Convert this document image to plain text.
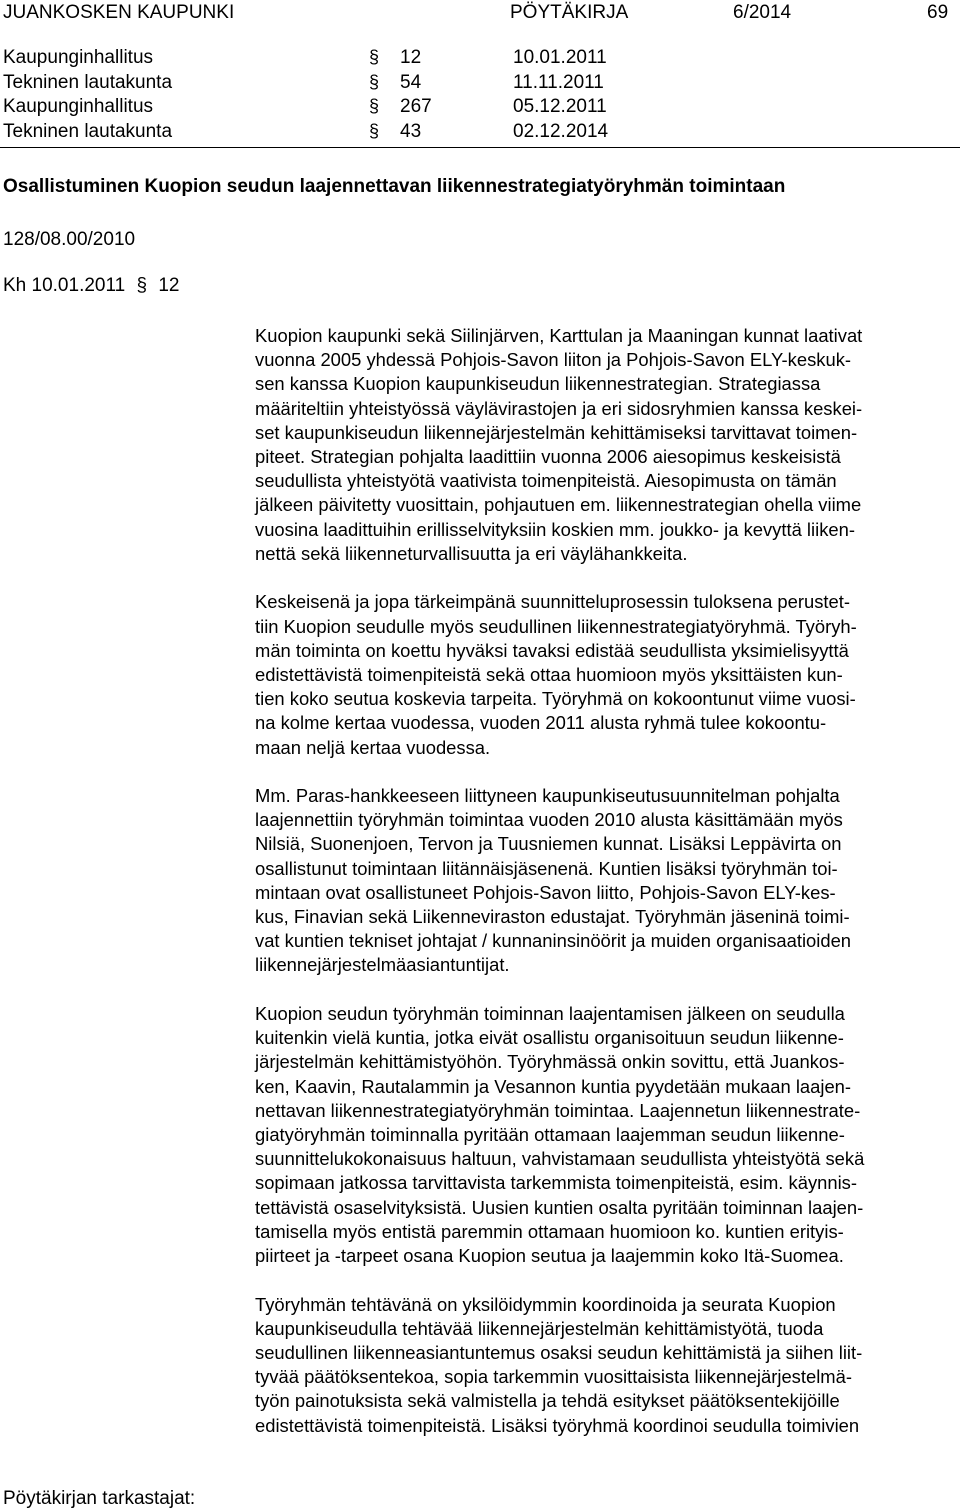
JUANKOSKEN KAUPUNKI	PÖYTÄKIRJA	6/2014	69
Kaupunginhallitus	§ 12	10.01.2011
Tekninen lautakunta	§ 54	11.11.2011
Kaupunginhallitus	§ 267	05.12.2011
Tekninen lautakunta	§ 43	02.12.2014
Osallistuminen Kuopion seudun laajennettavan liikennestrategiatyöryhmän toimintaan
128/08.00/2010
Kh 10.01.2011 § 12

Kuopion kaupunki sekä Siilinjärven, Karttulan ja Maaningan kunnat laativat
vuonna 2005 yhdessä Pohjois-Savon liiton ja Pohjois-Savon ELY-keskuk-
sen kanssa Kuopion kaupunkiseudun liikennestrategian. Strategiassa
määriteltiin yhteistyössä väylävirastojen ja eri sidosryhmien kanssa keskei-
set kaupunkiseudun liikennejärjestelmän kehittämiseksi tarvittavat toimen-
piteet. Strategian pohjalta laadittiin vuonna 2006 aiesopimus keskeisistä
seudullista yhteistyötä vaativista toimenpiteistä. Aiesopimusta on tämän
jälkeen päivitetty vuosittain, pohjautuen em. liikennestrategian ohella viime
vuosina laadittuihin erillisselvityksiin koskien mm. joukko- ja kevyttä liiken-
nettä sekä liikenneturvallisuutta ja eri väylähankkeita.

Keskeisenä ja jopa tärkeimpänä suunnitteluprosessin tuloksena perustet-
tiin Kuopion seudulle myös seudullinen liikennestrategiatyöryhmä. Työryh-
män toiminta on koettu hyväksi tavaksi edistää seudullista yksimielisyyttä
edistettävistä toimenpiteistä sekä ottaa huomioon myös yksittäisten kun-
tien koko seutua koskevia tarpeita. Työryhmä on kokoontunut viime vuosi-
na kolme kertaa vuodessa, vuoden 2011 alusta ryhmä tulee kokoontu-
maan neljä kertaa vuodessa.

Mm. Paras-hankkeeseen liittyneen kaupunkiseutusuunnitelman pohjalta
laajennettiin työryhmän toimintaa vuoden 2010 alusta käsittämään myös
Nilsiä, Suonenjoen, Tervon ja Tuusniemen kunnat. Lisäksi Leppävirta on
osallistunut toimintaan liitännäisjäsenenä. Kuntien lisäksi työryhmän toi-
mintaan ovat osallistuneet Pohjois-Savon liitto, Pohjois-Savon ELY-kes-
kus, Finavian sekä Liikenneviraston edustajat. Työryhmän jäseninä toimi-
vat kuntien tekniset johtajat / kunnaninsinöörit ja muiden organisaatioiden
liikennejärjestelmäasiantuntijat.

Kuopion seudun työryhmän toiminnan laajentamisen jälkeen on seudulla
kuitenkin vielä kuntia, jotka eivät osallistu organisoituun seudun liikenne-
järjestelmän kehittämistyöhön. Työryhmässä onkin sovittu, että Juankos-
ken, Kaavin, Rautalammin ja Vesannon kuntia pyydetään mukaan laajen-
nettavan liikennestrategiatyöryhmän toimintaa. Laajennetun liikennestrate-
giatyöryhmän toiminnalla pyritään ottamaan laajemman seudun liikenne-
suunnittelukokonaisuus haltuun, vahvistamaan seudullista yhteistyötä sekä
sopimaan jatkossa tarvittavista tarkemmista toimenpiteistä, esim. käynnis-
tettävistä osaselvityksistä. Uusien kuntien osalta pyritään toiminnan laajen-
tamisella myös entistä paremmin ottamaan huomioon ko. kuntien erityis-
piirteet ja -tarpeet osana Kuopion seutua ja laajemmin koko Itä-Suomea.

Työryhmän tehtävänä on yksilöidymmin koordinoida ja seurata Kuopion
kaupunkiseudulla tehtävää liikennejärjestelmän kehittämistyötä, tuoda
seudullinen liikenneasiantuntemus osaksi seudun kehittämistä ja siihen liit-
tyvää päätöksentekoa, sopia tarkemmin vuosittaisista liikennejärjestelmä-
työn painotuksista sekä valmistella ja tehdä esitykset päätöksentekijöille
edistettävistä toimenpiteistä. Lisäksi työryhmä koordinoi seudulla toimivien

Pöytäkirjan tarkastajat:
